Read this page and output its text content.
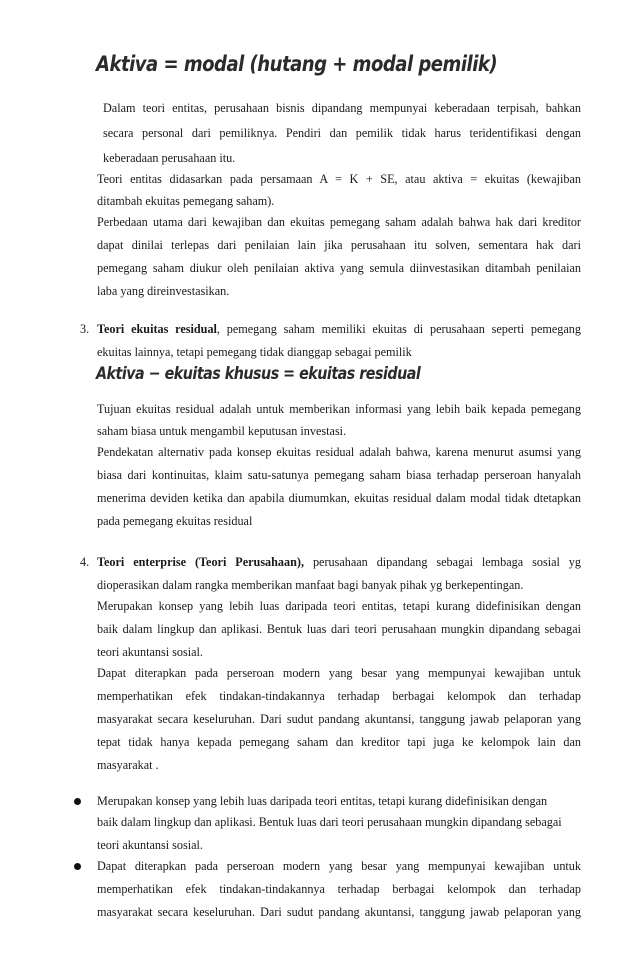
Aktiva = modal (hutang + modal pemilik)
Dalam teori entitas, perusahaan bisnis dipandang mempunyai keberadaan terpisah, bahkan
secara personal dari pemiliknya. Pendiri dan pemilik tidak harus teridentifikasi dengan
keberadaan perusahaan itu.
Teori entitas didasarkan pada persamaan A = K + SE, atau aktiva = ekuitas (kewajiban
ditambah ekuitas pemegang saham).
Perbedaan utama dari kewajiban dan ekuitas pemegang saham adalah bahwa hak dari kreditor
dapat dinilai terlepas dari penilaian lain jika perusahaan itu solven, sementara hak dari
pemegang saham diukur oleh penilaian aktiva yang semula diinvestasikan ditambah penilaian
laba yang direinvestasikan.
3. Teori ekuitas residual, pemegang saham memiliki ekuitas di perusahaan seperti pemegang
ekuitas lainnya, tetapi pemegang tidak dianggap sebagai pemilik
Aktiva − ekuitas khusus = ekuitas residual
Tujuan ekuitas residual adalah untuk memberikan informasi yang lebih baik kepada pemegang
saham biasa untuk mengambil keputusan investasi.
Pendekatan alternativ pada konsep ekuitas residual adalah bahwa, karena menurut asumsi yang
biasa dari kontinuitas, klaim satu-satunya pemegang saham biasa terhadap perseroan hanyalah
menerima deviden ketika dan apabila diumumkan, ekuitas residual dalam modal tidak dtetapkan
pada pemegang ekuitas residual
4. Teori enterprise (Teori Perusahaan), perusahaan dipandang sebagai lembaga sosial yg
dioperasikan dalam rangka memberikan manfaat bagi banyak pihak yg berkepentingan.
Merupakan konsep yang lebih luas daripada teori entitas, tetapi kurang didefinisikan dengan
baik dalam lingkup dan aplikasi. Bentuk luas dari teori perusahaan mungkin dipandang sebagai
teori akuntansi sosial.
Dapat diterapkan pada perseroan modern yang besar yang mempunyai kewajiban untuk
memperhatikan efek tindakan-tindakannya terhadap berbagai kelompok dan terhadap
masyarakat secara keseluruhan. Dari sudut pandang akuntansi, tanggung jawab pelaporan yang
tepat tidak hanya kepada pemegang saham dan kreditor tapi juga ke kelompok lain dan
masyarakat .
Merupakan konsep yang lebih luas daripada teori entitas, tetapi kurang didefinisikan dengan
baik dalam lingkup dan aplikasi. Bentuk luas dari teori perusahaan mungkin dipandang sebagai
teori akuntansi sosial.
Dapat diterapkan pada perseroan modern yang besar yang mempunyai kewajiban untuk
memperhatikan efek tindakan-tindakannya terhadap berbagai kelompok dan terhadap
masyarakat secara keseluruhan. Dari sudut pandang akuntansi, tanggung jawab pelaporan yang
